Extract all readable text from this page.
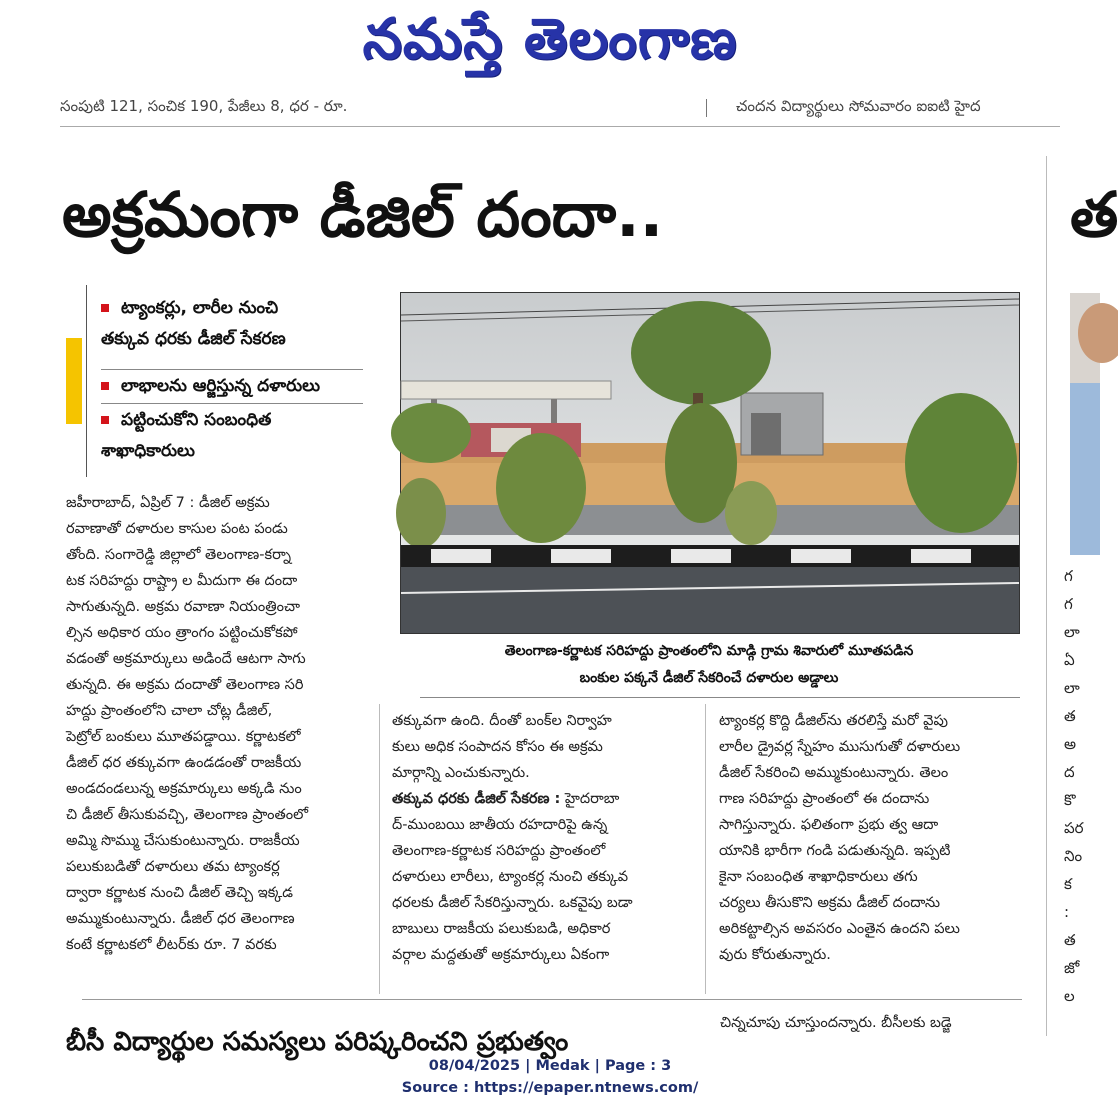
నమస్తే తెలంగాణ
సంపుటి 121, సంచిక 190, పేజీలు 8, ధర - రూ.	చందన విద్యార్థులు సోమవారం ఐఐటి హైద
అక్రమంగా డీజిల్ దందా..	త
ట్యాంకర్లు, లారీల నుంచి
తక్కువ ధరకు డీజిల్ సేకరణ
లాభాలను ఆర్జిస్తున్న దళారులు
పట్టించుకోని సంబంధిత
శాఖాధికారులు
జహీరాబాద్, ఏప్రిల్ 7 : డీజిల్ అక్రమ
రవాణాతో దళారుల కాసుల పంట పండు
తోంది. సంగారెడ్డి జిల్లాలో తెలంగాణ-కర్నా
టక సరిహద్దు రాష్ట్రా ల మీదుగా ఈ దందా
సాగుతున్నది. అక్రమ రవాణా నియంత్రించా
ల్సిన అధికార యం త్రాంగం పట్టించుకోకపో
వడంతో అక్రమార్కులు అడిందే ఆటగా సాగు
తున్నది. ఈ అక్రమ దందాతో తెలంగాణ సరి
హద్దు ప్రాంతంలోని చాలా చోట్ల డీజిల్,
పెట్రోల్ బంకులు మూతపడ్డాయి. కర్ణాటకలో
డీజిల్ ధర తక్కువగా ఉండడంతో రాజకీయ
అండదండలున్న అక్రమార్కులు అక్కడి నుం
చి డీజిల్ తీసుకువచ్చి, తెలంగాణ ప్రాంతంలో
అమ్మి సొమ్ము చేసుకుంటున్నారు. రాజకీయ
పలుకుబడితో దళారులు తమ ట్యాంకర్ల
ద్వారా కర్ణాటక నుంచి డీజిల్ తెచ్చి ఇక్కడ
అమ్ముకుంటున్నారు. డీజిల్ ధర తెలంగాణ
కంటే కర్ణాటకలో లీటర్‌కు రూ. 7 వరకు
తెలంగాణ-కర్ణాటక సరిహద్దు ప్రాంతంలోని మాడ్గి గ్రామ శివారులో మూతపడిన
బంకుల పక్కనే డీజిల్ సేకరించే దళారుల అడ్డాలు

తక్కువగా ఉంది. దీంతో బంక్‌ల నిర్వాహ
కులు అధిక సంపాదన కోసం ఈ అక్రమ
మార్గాన్ని ఎంచుకున్నారు.

తక్కువ ధరకు డీజిల్ సేకరణ : హైదరాబా

ద్-ముంబయి జాతీయ రహదారిపై ఉన్న
తెలంగాణ-కర్ణాటక సరిహద్దు ప్రాంతంలో
దళారులు లారీలు, ట్యాంకర్ల నుంచి తక్కువ
ధరలకు డీజిల్ సేకరిస్తున్నారు. ఒకవైపు బడా
బాబులు రాజకీయ పలుకుబడి, అధికార
వర్గాల మద్దతుతో అక్రమార్కులు ఏకంగా

ట్యాంకర్ల కొద్ది డీజిల్‌ను తరలిస్తే మరో వైపు
లారీల డ్రైవర్ల స్నేహం ముసుగుతో దళారులు
డీజిల్ సేకరించి అమ్ముకుంటున్నారు. తెలం
గాణ సరిహద్దు ప్రాంతంలో ఈ దందాను
సాగిస్తున్నారు. ఫలితంగా ప్రభు త్వ ఆదా
యానికి భారీగా గండి పడుతున్నది. ఇప్పటి
కైనా సంబంధిత శాఖాధికారులు తగు
చర్యలు తీసుకొని అక్రమ డీజిల్ దందాను
అరికట్టాల్సిన అవసరం ఎంతైన ఉందని పలు
వురు కోరుతున్నారు.
బీసీ విద్యార్థుల సమస్యలు పరిష్కరించని ప్రభుత్వం
చిన్నచూపు చూస్తుందన్నారు. బీసీలకు బడ్జె
గ
గ
లా
ఏ
లా
త
అ
ద
కొ
పర
నిం
క
:
త
జో
ల
08/04/2025 | Medak | Page : 3
Source : https://epaper.ntnews.com/
